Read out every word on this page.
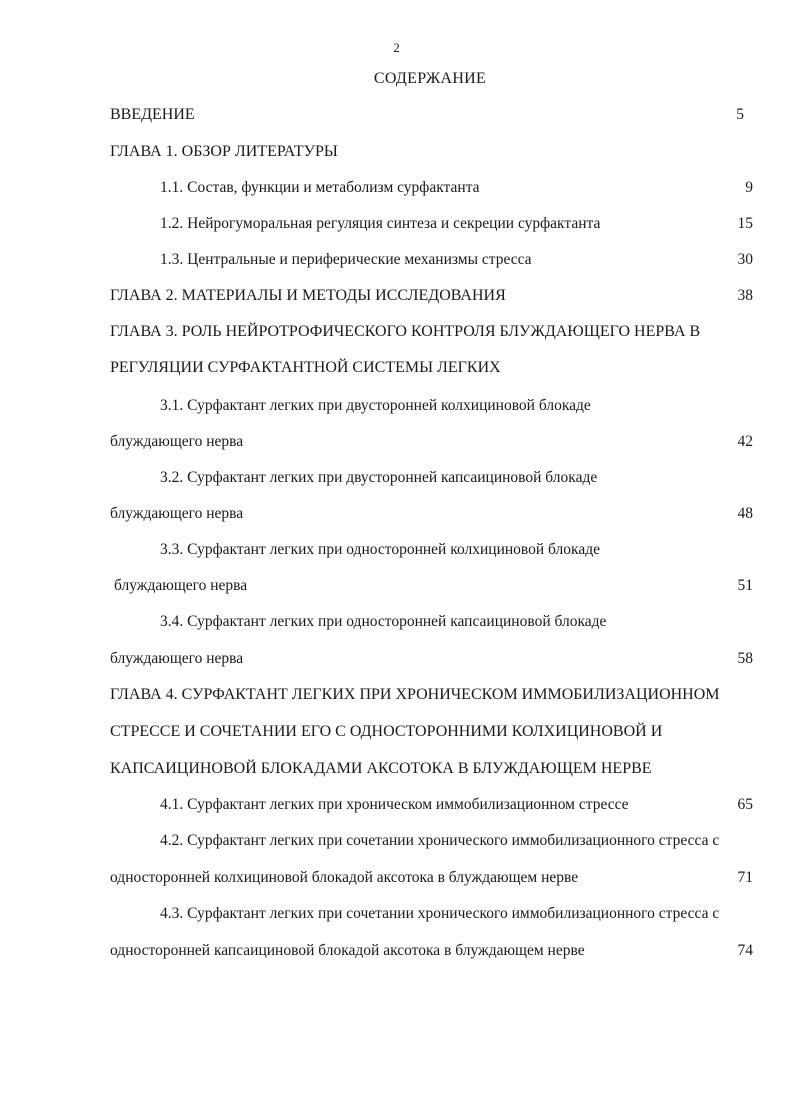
2
СОДЕРЖАНИЕ
ВВЕДЕНИЕ	5
ГЛАВА 1. ОБЗОР ЛИТЕРАТУРЫ
1.1. Состав, функции и метаболизм сурфактанта	9
1.2. Нейрогуморальная регуляция синтеза и секреции сурфактанта	15
1.3. Центральные и периферические механизмы стресса	30
ГЛАВА 2. МАТЕРИАЛЫ И МЕТОДЫ ИССЛЕДОВАНИЯ	38
ГЛАВА 3. РОЛЬ НЕЙРОТРОФИЧЕСКОГО КОНТРОЛЯ БЛУЖДАЮЩЕГО НЕРВА В
РЕГУЛЯЦИИ СУРФАКТАНТНОЙ СИСТЕМЫ ЛЕГКИХ
3.1. Сурфактант легких при двусторонней колхициновой блокаде
блуждающего нерва	42
3.2. Сурфактант легких при двусторонней капсаициновой блокаде
блуждающего нерва	48
3.3. Сурфактант легких при односторонней колхициновой блокаде
блуждающего нерва	51
3.4. Сурфактант легких при односторонней капсаициновой блокаде
блуждающего нерва	58
ГЛАВА 4. СУРФАКТАНТ ЛЕГКИХ ПРИ ХРОНИЧЕСКОМ ИММОБИЛИЗАЦИОННОМ
СТРЕССЕ И СОЧЕТАНИИ ЕГО С ОДНОСТОРОННИМИ КОЛХИЦИНОВОЙ И
КАПСАИЦИНОВОЙ БЛОКАДАМИ АКСОТОКА В БЛУЖДАЮЩЕМ НЕРВЕ
4.1. Сурфактант легких при хроническом иммобилизационном стрессе	65
4.2. Сурфактант легких при сочетании хронического иммобилизационного стресса с
односторонней колхициновой блокадой аксотока в блуждающем нерве	71
4.3. Сурфактант легких при сочетании хронического иммобилизационного стресса с
односторонней капсаициновой блокадой аксотока в блуждающем нерве	74
